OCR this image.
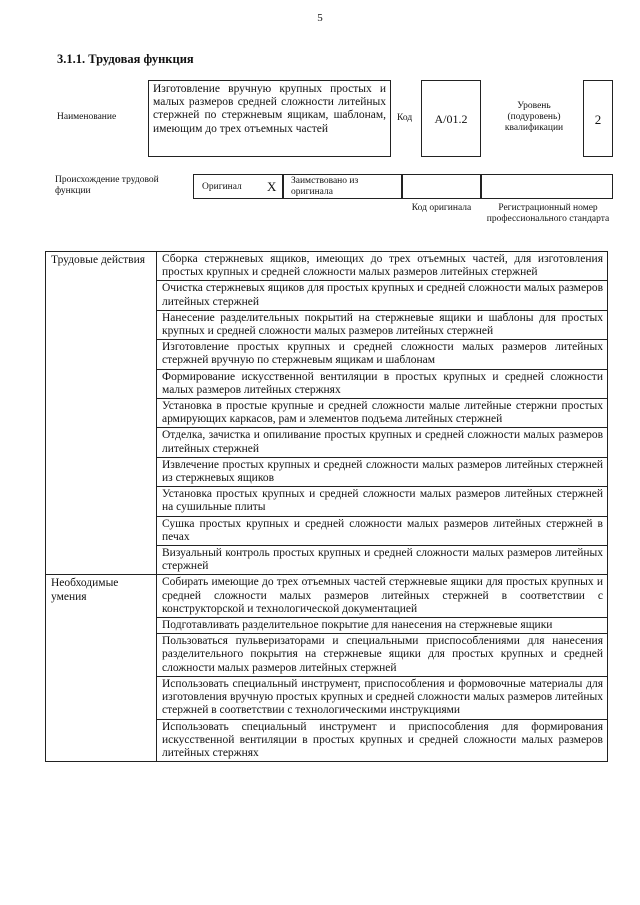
5
3.1.1. Трудовая функция
Наименование
Изготовление вручную крупных простых и малых размеров средней сложности литейных стержней по стержневым ящикам, шаблонам, имеющим до трех отъемных частей
Код	А/01.2
Уровень (подуровень) квалификации
2
Происхождение трудовой функции	Оригинал X Заимствовано из оригинала
Код оригинала	Регистрационный номер профессионального стандарта
Трудовые действия	Сборка стержневых ящиков, имеющих до трех отъемных частей, для изготовления простых крупных и средней сложности малых размеров литейных стержней
	Очистка стержневых ящиков для простых крупных и средней сложности малых размеров литейных стержней
	Нанесение разделительных покрытий на стержневые ящики и шаблоны для простых крупных и средней сложности малых размеров литейных стержней
	Изготовление простых крупных и средней сложности малых размеров литейных стержней вручную по стержневым ящикам и шаблонам
	Формирование искусственной вентиляции в простых крупных и средней сложности малых размеров литейных стержнях
	Установка в простые крупные и средней сложности малые литейные стержни простых армирующих каркасов, рам и элементов подъема литейных стержней
	Отделка, зачистка и опиливание простых крупных и средней сложности малых размеров литейных стержней
	Извлечение простых крупных и средней сложности малых размеров литейных стержней из стержневых ящиков
	Установка простых крупных и средней сложности малых размеров литейных стержней на сушильные плиты
	Сушка простых крупных и средней сложности малых размеров литейных стержней в печах
	Визуальный контроль простых крупных и средней сложности малых размеров литейных стержней
Необходимые умения	Собирать имеющие до трех отъемных частей стержневые ящики для простых крупных и средней сложности малых размеров литейных стержней в соответствии с конструкторской и технологической документацией
	Подготавливать разделительное покрытие для нанесения на стержневые ящики
	Пользоваться пульверизаторами и специальными приспособлениями для нанесения разделительного покрытия на стержневые ящики для простых крупных и средней сложности малых размеров литейных стержней
	Использовать специальный инструмент, приспособления и формовочные материалы для изготовления вручную простых крупных и средней сложности малых размеров литейных стержней в соответствии с технологическими инструкциями
	Использовать специальный инструмент и приспособления для формирования искусственной вентиляции в простых крупных и средней сложности малых размеров литейных стержнях
